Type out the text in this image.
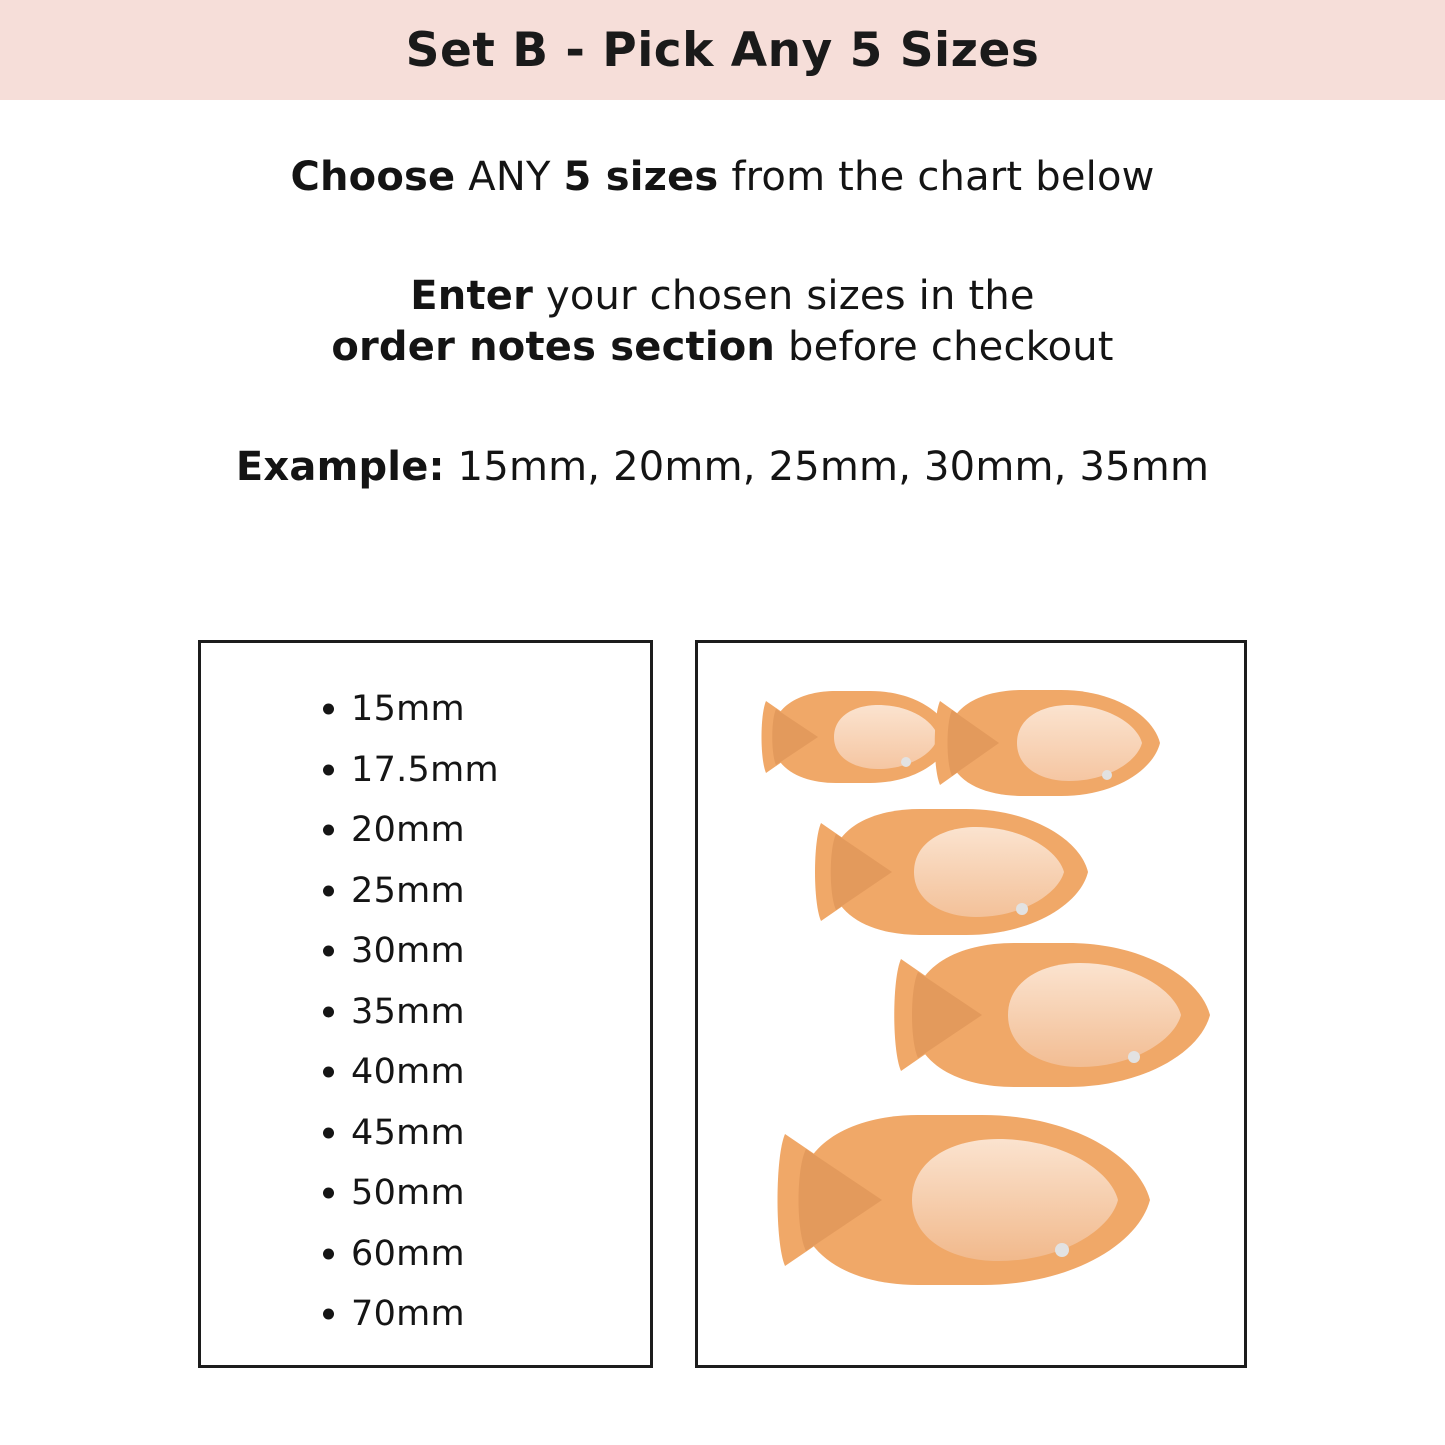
Set B - Pick Any 5 Sizes
Choose ANY 5 sizes from the chart below
Enter your chosen sizes in the
order notes section before checkout
Example: 15mm, 20mm, 25mm, 30mm, 35mm
15mm
17.5mm
20mm
25mm
30mm
35mm
40mm
45mm
50mm
60mm
70mm
